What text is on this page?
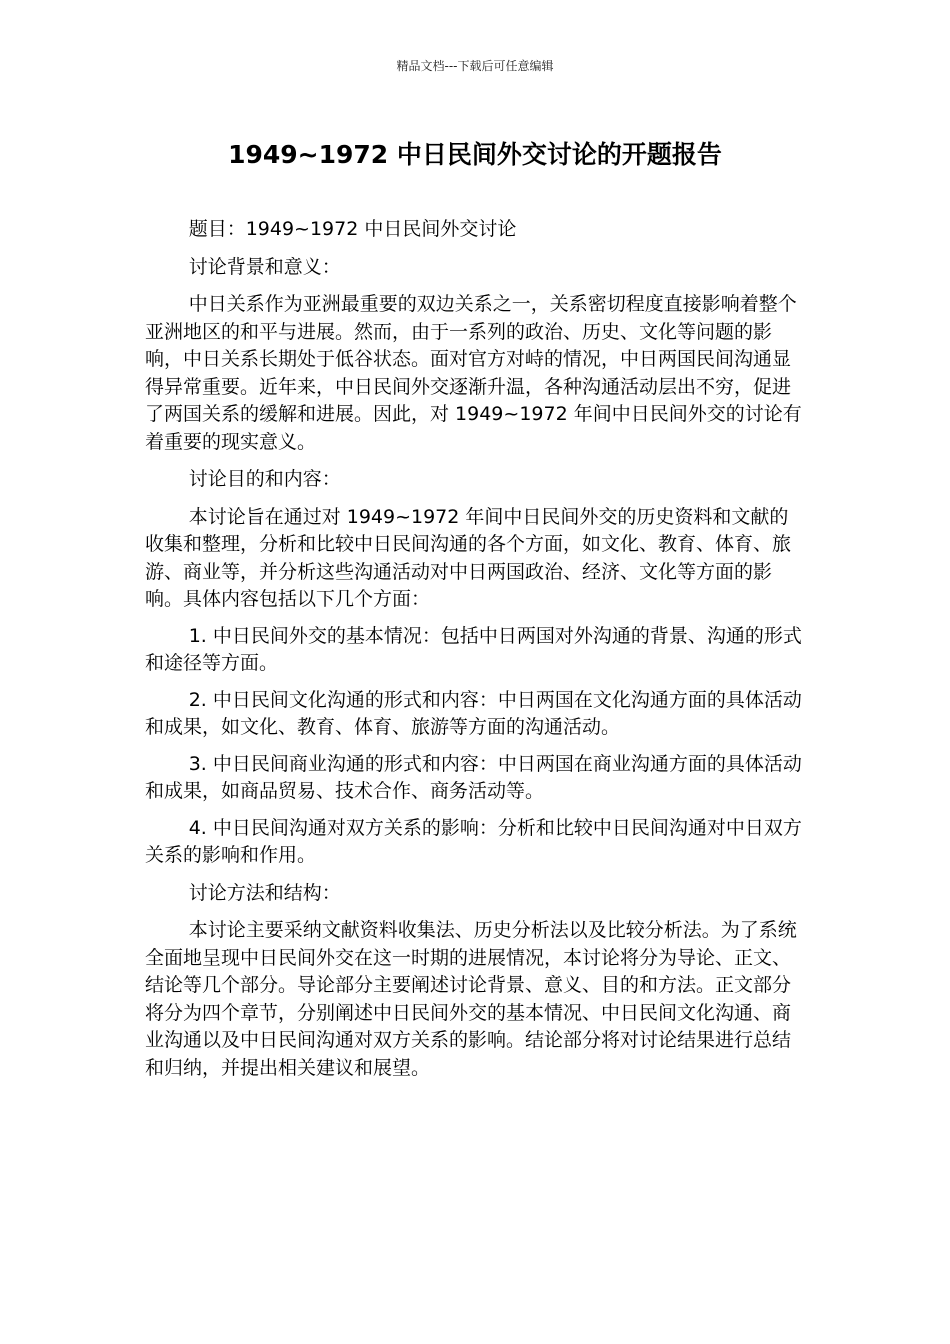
精品文档---下载后可任意编辑
1949~1972 中日民间外交讨论的开题报告

题目：1949~1972 中日民间外交讨论

讨论背景和意义：

中日关系作为亚洲最重要的双边关系之一，关系密切程度直接影响着整个亚洲地区的和平与进展。然而，由于一系列的政治、历史、文化等问题的影响，中日关系长期处于低谷状态。面对官方对峙的情况，中日两国民间沟通显得异常重要。近年来，中日民间外交逐渐升温，各种沟通活动层出不穷，促进了两国关系的缓解和进展。因此，对 1949~1972 年间中日民间外交的讨论有着重要的现实意义。

讨论目的和内容：

本讨论旨在通过对 1949~1972 年间中日民间外交的历史资料和文献的收集和整理，分析和比较中日民间沟通的各个方面，如文化、教育、体育、旅游、商业等，并分析这些沟通活动对中日两国政治、经济、文化等方面的影响。具体内容包括以下几个方面：

1. 中日民间外交的基本情况：包括中日两国对外沟通的背景、沟通的形式和途径等方面。

2. 中日民间文化沟通的形式和内容：中日两国在文化沟通方面的具体活动和成果，如文化、教育、体育、旅游等方面的沟通活动。

3. 中日民间商业沟通的形式和内容：中日两国在商业沟通方面的具体活动和成果，如商品贸易、技术合作、商务活动等。

4. 中日民间沟通对双方关系的影响：分析和比较中日民间沟通对中日双方关系的影响和作用。

讨论方法和结构：

本讨论主要采纳文献资料收集法、历史分析法以及比较分析法。为了系统全面地呈现中日民间外交在这一时期的进展情况，本讨论将分为导论、正文、结论等几个部分。导论部分主要阐述讨论背景、意义、目的和方法。正文部分将分为四个章节，分别阐述中日民间外交的基本情况、中日民间文化沟通、商业沟通以及中日民间沟通对双方关系的影响。结论部分将对讨论结果进行总结和归纳，并提出相关建议和展望。
